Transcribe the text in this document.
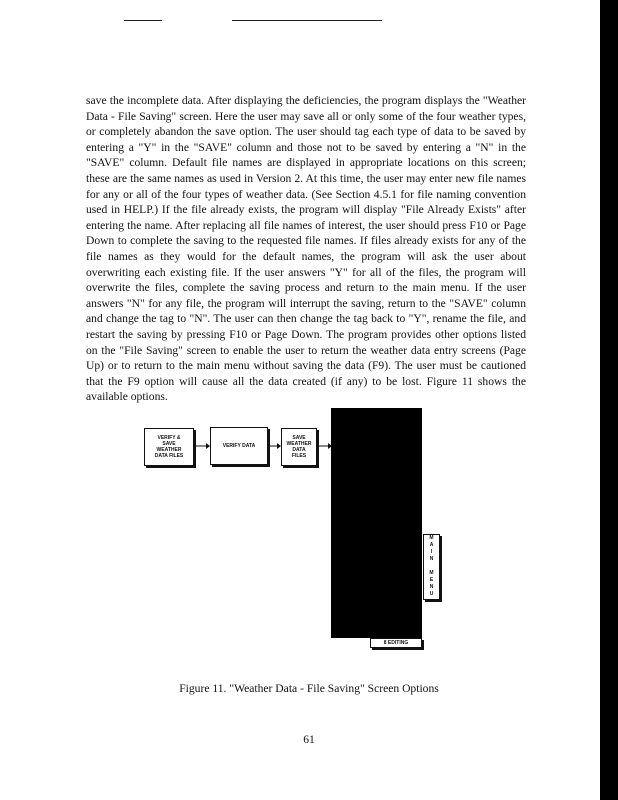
save the incomplete data. After displaying the deficiencies, the program displays the "Weather Data - File Saving" screen. Here the user may save all or only some of the four weather types, or completely abandon the save option. The user should tag each type of data to be saved by entering a "Y" in the "SAVE" column and those not to be saved by entering a "N" in the "SAVE" column. Default file names are displayed in appropriate locations on this screen; these are the same names as used in Version 2. At this time, the user may enter new file names for any or all of the four types of weather data. (See Section 4.5.1 for file naming convention used in HELP.) If the file already exists, the program will display "File Already Exists" after entering the name. After replacing all file names of interest, the user should press F10 or Page Down to complete the saving to the requested file names. If files already exists for any of the file names as they would for the default names, the program will ask the user about overwriting each existing file. If the user answers "Y" for all of the files, the program will overwrite the files, complete the saving process and return to the main menu. If the user answers "N" for any file, the program will interrupt the saving, return to the "SAVE" column and change the tag to "N". The user can then change the tag back to "Y", rename the file, and restart the saving by pressing F10 or Page Down. The program provides other options listed on the "File Saving" screen to enable the user to return the weather data entry screens (Page Up) or to return to the main menu without saving the data (F9). The user must be cautioned that the F9 option will cause all the data created (if any) to be lost. Figure 11 shows the available options.

VERIFY &
SAVE
WEATHER
DATA FILES
VERIFY DATA
SAVE
WEATHER
DATA
FILES
M
A
I
N

M
E
N
U
8 EDITING
Figure 11. "Weather Data - File Saving" Screen Options
61
